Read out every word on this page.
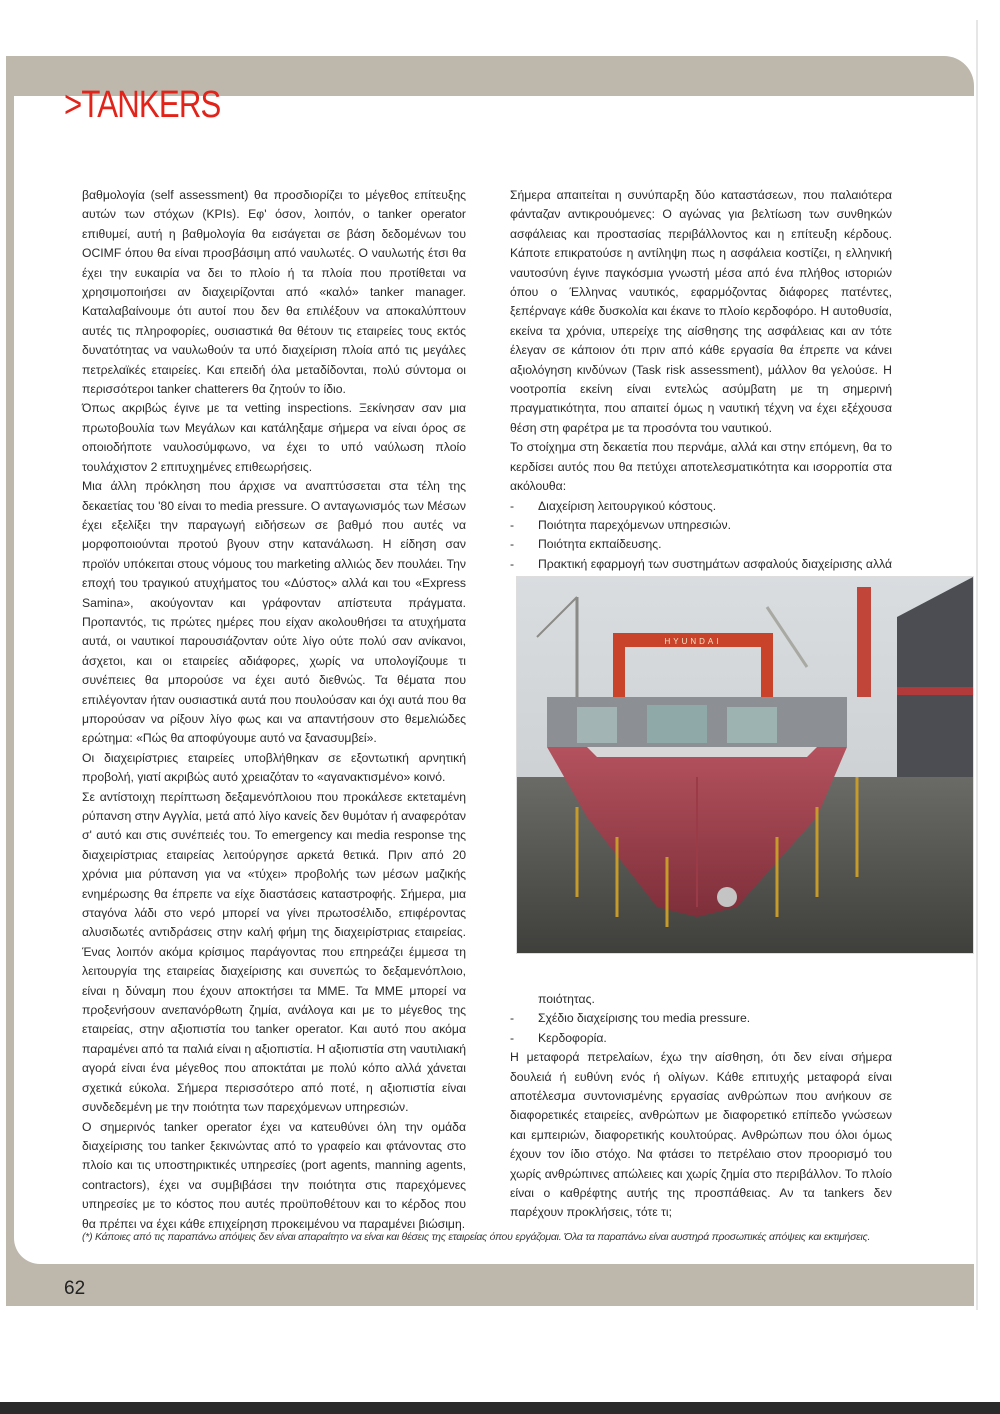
>TANKERS

βαθμολογία (self assessment) θα προσδιορίζει το μέγεθος επίτευξης αυτών των στόχων (KPIs). Εφ' όσον, λοιπόν, ο tanker operator επιθυμεί, αυτή η βαθμολογία θα εισάγεται σε βάση δεδομένων του OCIMF όπου θα είναι προσβάσιμη από ναυλωτές. Ο ναυλωτής έτσι θα έχει την ευκαιρία να δει το πλοίο ή τα πλοία που προτίθεται να χρησιμοποιήσει αν διαχειρίζονται από «καλό» tanker manager. Καταλαβαίνουμε ότι αυτοί που δεν θα επιλέξουν να αποκαλύπτουν αυτές τις πληροφορίες, ουσιαστικά θα θέτουν τις εταιρείες τους εκτός δυνατότητας να ναυλωθούν τα υπό διαχείριση πλοία από τις μεγάλες πετρελαϊκές εταιρείες. Και επειδή όλα μεταδίδονται, πολύ σύντομα οι περισσότεροι tanker chatterers θα ζητούν το ίδιο.

Όπως ακριβώς έγινε με τα vetting inspections. Ξεκίνησαν σαν μια πρωτοβουλία των Μεγάλων και κατάληξαμε σήμερα να είναι όρος σε οποιοδήποτε ναυλοσύμφωνο, να έχει το υπό ναύλωση πλοίο τουλάχιστον 2 επιτυχημένες επιθεωρήσεις.

Μια άλλη πρόκληση που άρχισε να αναπτύσσεται στα τέλη της δεκαετίας του '80 είναι το media pressure. Ο ανταγωνισμός των Μέσων έχει εξελίξει την παραγωγή ειδήσεων σε βαθμό που αυτές να μορφοποιούνται προτού βγουν στην κατανάλωση. Η είδηση σαν προϊόν υπόκειται στους νόμους του marketing αλλιώς δεν πουλάει. Την εποχή του τραγικού ατυχήματος του «Δύστος» αλλά και του «Express Samina», ακούγονταν και γράφονταν απίστευτα πράγματα. Προπαντός, τις πρώτες ημέρες που είχαν ακολουθήσει τα ατυχήματα αυτά, οι ναυτικοί παρουσιάζονταν ούτε λίγο ούτε πολύ σαν ανίκανοι, άσχετοι, και οι εταιρείες αδιάφορες, χωρίς να υπολογίζουμε τι συνέπειες θα μπορούσε να έχει αυτό διεθνώς. Τα θέματα που επιλέγονταν ήταν ουσιαστικά αυτά που πουλούσαν και όχι αυτά που θα μπορούσαν να ρίξουν λίγο φως και να απαντήσουν στο θεμελιώδες ερώτημα: «Πώς θα αποφύγουμε αυτό να ξανασυμβεί».

Οι διαχειρίστριες εταιρείες υποβλήθηκαν σε εξοντωτική αρνητική προβολή, γιατί ακριβώς αυτό χρειαζόταν το «αγανακτισμένο» κοινό.

Σε αντίστοιχη περίπτωση δεξαμενόπλοιου που προκάλεσε εκτεταμένη ρύπανση στην Αγγλία, μετά από λίγο κανείς δεν θυμόταν ή αναφερόταν σ' αυτό και στις συνέπειές του. Το emergency και media response της διαχειρίστριας εταιρείας λειτούργησε αρκετά θετικά. Πριν από 20 χρόνια μια ρύπανση για να «τύχει» προβολής των μέσων μαζικής ενημέρωσης θα έπρεπε να είχε διαστάσεις καταστροφής. Σήμερα, μια σταγόνα λάδι στο νερό μπορεί να γίνει πρωτοσέλιδο, επιφέροντας αλυσιδωτές αντιδράσεις στην καλή φήμη της διαχειρίστριας εταιρείας. Ένας λοιπόν ακόμα κρίσιμος παράγοντας που επηρεάζει έμμεσα τη λειτουργία της εταιρείας διαχείρισης και συνεπώς το δεξαμενόπλοιο, είναι η δύναμη που έχουν αποκτήσει τα ΜΜΕ. Τα ΜΜΕ μπορεί να προξενήσουν ανεπανόρθωτη ζημία, ανάλογα και με το μέγεθος της εταιρείας, στην αξιοπιστία του tanker operator. Και αυτό που ακόμα παραμένει από τα παλιά είναι η αξιοπιστία. Η αξιοπιστία στη ναυτιλιακή αγορά είναι ένα μέγεθος που αποκτάται με πολύ κόπο αλλά χάνεται σχετικά εύκολα. Σήμερα περισσότερο από ποτέ, η αξιοπιστία είναι συνδεδεμένη με την ποιότητα των παρεχόμενων υπηρεσιών.

Ο σημερινός tanker operator έχει να κατευθύνει όλη την ομάδα διαχείρισης του tanker ξεκινώντας από το γραφείο και φτάνοντας στο πλοίο και τις υποστηρικτικές υπηρεσίες (port agents, manning agents, contractors), έχει να συμβιβάσει την ποιότητα στις παρεχόμενες υπηρεσίες με το κόστος που αυτές προϋποθέτουν και το κέρδος που θα πρέπει να έχει κάθε επιχείρηση προκειμένου να παραμένει βιώσιμη.

Σήμερα απαιτείται η συνύπαρξη δύο καταστάσεων, που παλαιότερα φάνταζαν αντικρουόμενες: Ο αγώνας για βελτίωση των συνθηκών ασφάλειας και προστασίας περιβάλλοντος και η επίτευξη κέρδους. Κάποτε επικρατούσε η αντίληψη πως η ασφάλεια κοστίζει, η ελληνική ναυτοσύνη έγινε παγκόσμια γνωστή μέσα από ένα πλήθος ιστοριών όπου ο Έλληνας ναυτικός, εφαρμόζοντας διάφορες πατέντες, ξεπέρναγε κάθε δυσκολία και έκανε το πλοίο κερδοφόρο. Η αυτοθυσία, εκείνα τα χρόνια, υπερείχε της αίσθησης της ασφάλειας και αν τότε έλεγαν σε κάποιον ότι πριν από κάθε εργασία θα έπρεπε να κάνει αξιολόγηση κινδύνων (Task risk assessment), μάλλον θα γελούσε. Η νοοτροπία εκείνη είναι εντελώς ασύμβατη με τη σημερινή πραγματικότητα, που απαιτεί όμως η ναυτική τέχνη να έχει εξέχουσα θέση στη φαρέτρα με τα προσόντα του ναυτικού.

Το στοίχημα στη δεκαετία που περνάμε, αλλά και στην επόμενη, θα το κερδίσει αυτός που θα πετύχει αποτελεσματικότητα και ισορροπία στα ακόλουθα:

- Διαχείριση λειτουργικού κόστους.
- Ποιότητα παρεχόμενων υπηρεσιών.
- Ποιότητα εκπαίδευσης.
- Πρακτική εφαρμογή των συστημάτων ασφαλούς διαχείρισης αλλά
HYUNDAI
ποιότητας.
- Σχέδιο διαχείρισης του media pressure.
- Κερδοφορία.

Η μεταφορά πετρελαίων, έχω την αίσθηση, ότι δεν είναι σήμερα δουλειά ή ευθύνη ενός ή ολίγων. Κάθε επιτυχής μεταφορά είναι αποτέλεσμα συντονισμένης εργασίας ανθρώπων που ανήκουν σε διαφορετικές εταιρείες, ανθρώπων με διαφορετικό επίπεδο γνώσεων και εμπειριών, διαφορετικής κουλτούρας. Ανθρώπων που όλοι όμως έχουν τον ίδιο στόχο. Να φτάσει το πετρέλαιο στον προορισμό του χωρίς ανθρώπινες απώλειες και χωρίς ζημία στο περιβάλλον. Το πλοίο είναι ο καθρέφτης αυτής της προσπάθειας. Αν τα tankers δεν παρέχουν προκλήσεις, τότε τι;

(*) Κάποιες από τις παραπάνω απόψεις δεν είναι απαραίτητο να είναι και θέσεις της εταιρείας όπου εργάζομαι. Όλα τα παραπάνω είναι αυστηρά προσωπικές απόψεις και εκτιμήσεις.

62
